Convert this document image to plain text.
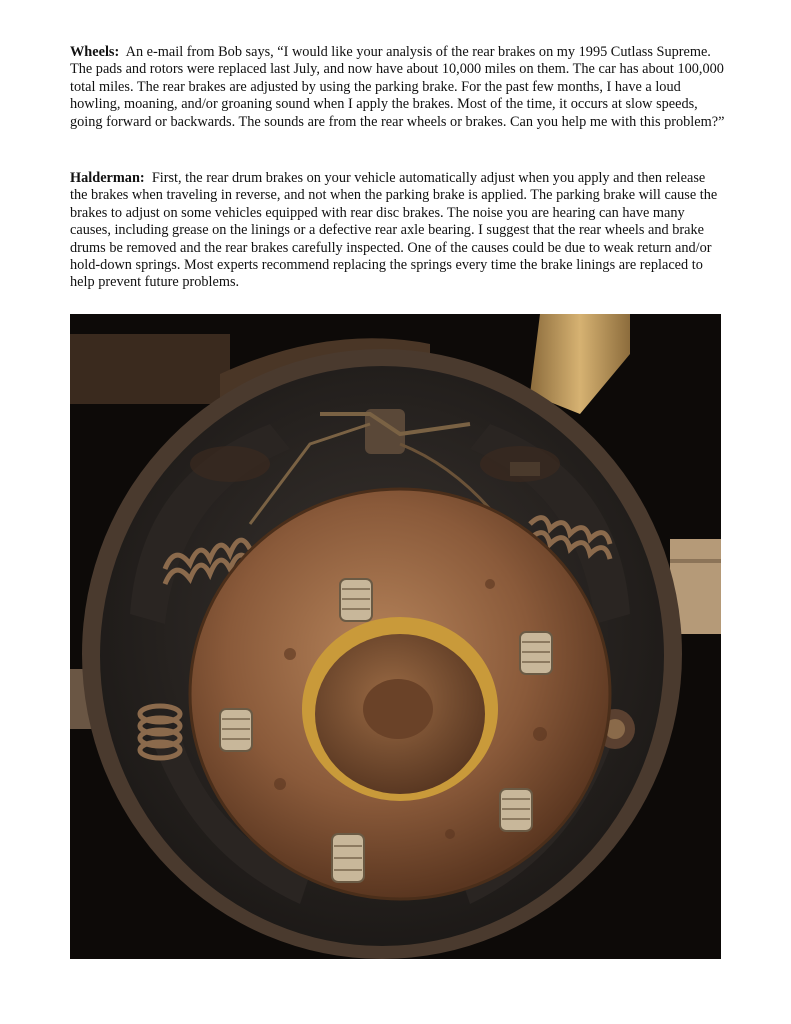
Wheels: An e-mail from Bob says, “I would like your analysis of the rear brakes on my 1995 Cutlass Supreme. The pads and rotors were replaced last July, and now have about 10,000 miles on them. The car has about 100,000 total miles. The rear brakes are adjusted by using the parking brake. For the past few months, I have a loud howling, moaning, and/or groaning sound when I apply the brakes. Most of the time, it occurs at slow speeds, going forward or backwards. The sounds are from the rear wheels or brakes. Can you help me with this problem?”

Halderman: First, the rear drum brakes on your vehicle automatically adjust when you apply and then release the brakes when traveling in reverse, and not when the parking brake is applied. The parking brake will cause the brakes to adjust on some vehicles equipped with rear disc brakes. The noise you are hearing can have many causes, including grease on the linings or a defective rear axle bearing. I suggest that the rear wheels and brake drums be removed and the rear brakes carefully inspected. One of the causes could be due to weak return and/or hold-down springs. Most experts recommend replacing the springs every time the brake linings are replaced to help prevent future problems.
